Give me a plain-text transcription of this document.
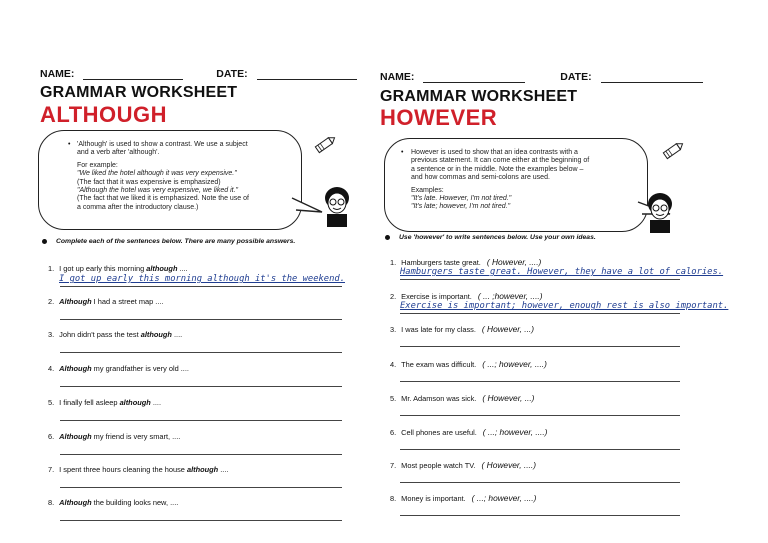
NAME:	DATE:
GRAMMAR WORKSHEET
ALTHOUGH
• 'Although' is used to show a contrast. We use a subject
and a verb after 'although'.
For example:
"We liked the hotel although it was very expensive."
(The fact that it was expensive is emphasized)
"Although the hotel was very expensive, we liked it."
(The fact that we liked it is emphasized. Note the use of
a comma after the introductory clause.)
Complete each of the sentences below. There are many possible answers.
1. I got up early this morning although ....
2. Although I had a street map ....
3. John didn't pass the test although ....
4. Although my grandfather is very old ....
5. I finally fell asleep although ....
6. Although my friend is very smart, ....
7. I spent three hours cleaning the house although ....
8. Although the building looks new, ....
I got up early this morning although it's the weekend.
NAME:	DATE:
GRAMMAR WORKSHEET
HOWEVER
• However is used to show that an idea contrasts with a
previous statement. It can come either at the beginning of
a sentence or in the middle. Note the examples below –
and how commas and semi-colons are used.
Examples:
"It's late. However, I'm not tired."
"It's late; however, I'm not tired."
Use 'however' to write sentences below. Use your own ideas.
1. Hamburgers taste great. ( However, ....)
2. Exercise is important. ( ... ;however, ....)
3. I was late for my class. ( However, ...)
4. The exam was difficult. ( ...; however, ....)
5. Mr. Adamson was sick. ( However, ...)
6. Cell phones are useful. ( ...; however, ....)
7. Most people watch TV. ( However, ....)
8. Money is important. ( ...; however, ....)
Hamburgers taste great. However, they have a lot of calories.
Exercise is important; however, enough rest is also important.
